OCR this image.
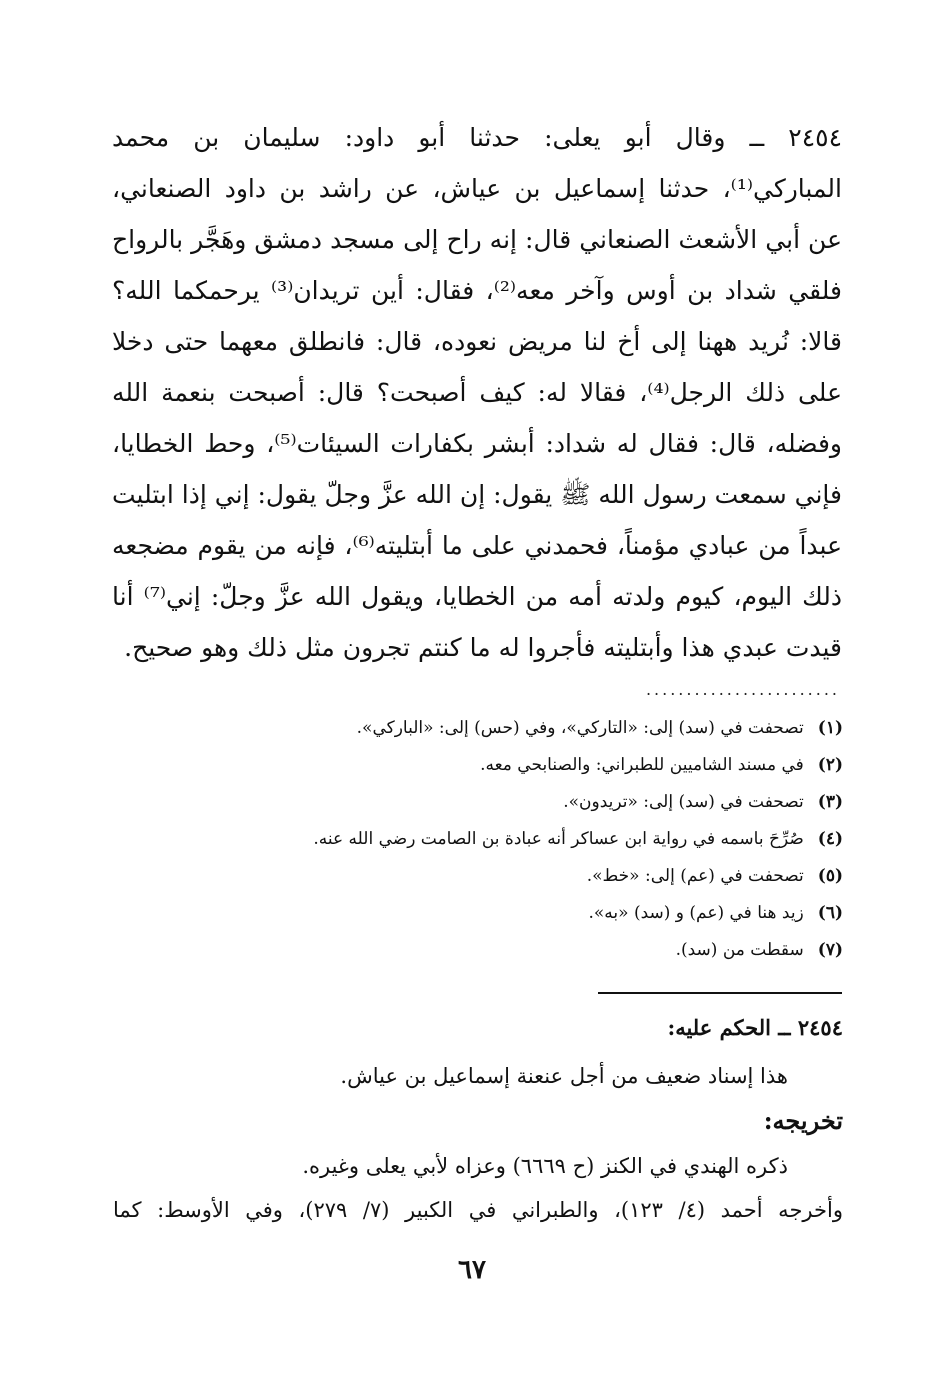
٢٤٥٤ ــ وقال أبو يعلى: حدثنا أبو داود: سليمان بن محمد
المباركي⁽¹⁾، حدثنا إسماعيل بن عياش، عن راشد بن داود الصنعاني،
عن أبي الأشعث الصنعاني قال: إنه راح إلى مسجد دمشق وهَجَّر بالرواح
فلقي شداد بن أوس وآخر معه⁽²⁾، فقال: أين تريدان⁽³⁾ يرحمكما الله؟
قالا: نُريد ههنا إلى أخ لنا مريض نعوده، قال: فانطلق معهما حتى دخلا
على ذلك الرجل⁽⁴⁾، فقالا له: كيف أصبحت؟ قال: أصبحت بنعمة الله
وفضله، قال: فقال له شداد: أبشر بكفارات السيئات⁽⁵⁾، وحط الخطايا،
فإني سمعت رسول الله ﷺ يقول: إن الله عزَّ وجلّ يقول: إني إذا ابتليت
عبداً من عبادي مؤمناً، فحمدني على ما أبتليته⁽⁶⁾، فإنه من يقوم مضجعه
ذلك اليوم، كيوم ولدته أمه من الخطايا، ويقول الله عزَّ وجلّ: إني⁽⁷⁾ أنا
قيدت عبدي هذا وأبتليته فأجروا له ما كنتم تجرون مثل ذلك وهو صحيح.
........................
(١)تصحفت في (سد) إلى: «التاركي»، وفي (حس) إلى: «الباركي».
(٢)في مسند الشاميين للطبراني: والصنابحي معه.
(٣)تصحفت في (سد) إلى: «تريدون».
(٤)صُرِّحَ باسمه في رواية ابن عساكر أنه عبادة بن الصامت رضي الله عنه.
(٥)تصحفت في (عم) إلى: «خط».
(٦)زيد هنا في (عم) و (سد) «به».
(٧)سقطت من (سد).
٢٤٥٤ ــ الحكم عليه:
هذا إسناد ضعيف من أجل عنعنة إسماعيل بن عياش.
تخريجه:
ذكره الهندي في الكنز (ح ٦٦٦٩) وعزاه لأبي يعلى وغيره.
وأخرجه أحمد (٤/ ١٢٣)، والطبراني في الكبير (٧/ ٢٧٩)، وفي الأوسط: كما
٦٧
